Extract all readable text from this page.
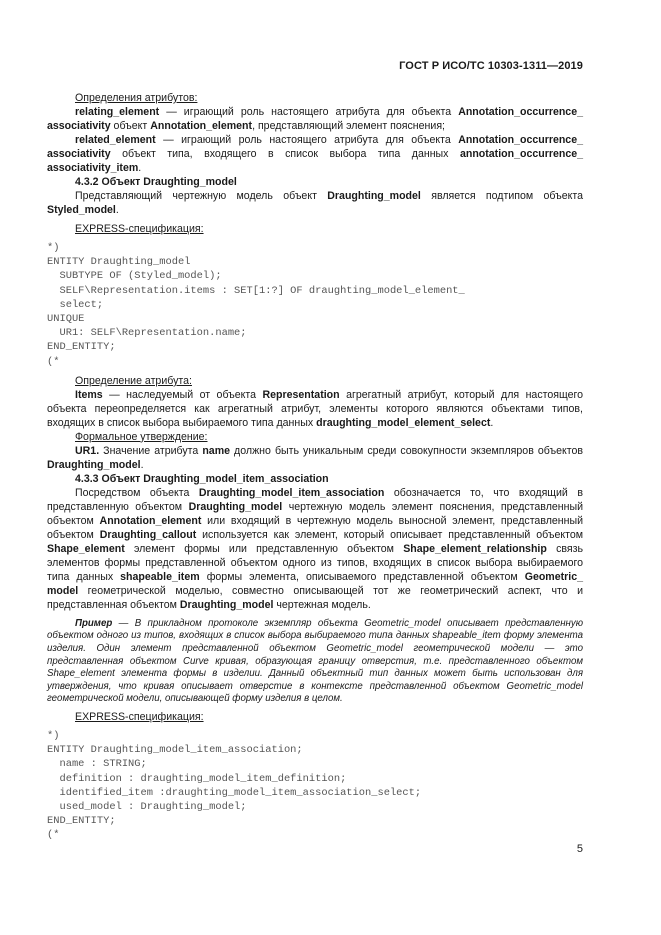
ГОСТ Р ИСО/ТС 10303-1311—2019

Определения атрибутов:

relating_element — играющий роль настоящего атрибута для объекта Annotation_occurrence_ associativity объект Annotation_element, представляющий элемент пояснения;

related_element — играющий роль настоящего атрибута для объекта Annotation_occurrence_ associativity объект типа, входящего в список выбора типа данных annotation_occurrence_ associativity_item.

4.3.2 Объект Draughting_model

Представляющий чертежную модель объект Draughting_model является подтипом объекта Styled_model.

EXPRESS-спецификация:

*)
ENTITY Draughting_model
SUBTYPE OF (Styled_model);
SELF\Representation.items : SET[1:?] OF draughting_model_element_
select;
UNIQUE
UR1: SELF\Representation.name;
END_ENTITY;
(*

Определение атрибута:

Items — наследуемый от объекта Representation агрегатный атрибут, который для настоящего объекта переопределяется как агрегатный атрибут, элементы которого являются объектами типов, входящих в список выбора выбираемого типа данных draughting_model_element_select.

Формальное утверждение:

UR1. Значение атрибута name должно быть уникальным среди совокупности экземпляров объектов Draughting_model.

4.3.3 Объект Draughting_model_item_association

Посредством объекта Draughting_model_item_association обозначается то, что входящий в представленную объектом Draughting_model чертежную модель элемент пояснения, представленный объектом Annotation_element или входящий в чертежную модель выносной элемент, представленный объектом Draughting_callout используется как элемент, который описывает представленный объектом Shape_element элемент формы или представленную объектом Shape_element_relationship связь элементов формы представленной объектом одного из типов, входящих в список выбора выбираемого типа данных shapeable_item формы элемента, описываемого представленной объектом Geometric_ model геометрической моделью, совместно описывающей тот же геометрический аспект, что и представленная объектом Draughting_model чертежная модель.

Пример — В прикладном протоколе экземпляр объекта Geometric_model описывает представленную объектом одного из типов, входящих в список выбора выбираемого типа данных shapeable_item форму элемента изделия. Один элемент представленной объектом Geometric_model геометрической модели — это представленная объектом Curve кривая, образующая границу отверстия, т.е. представленного объектом Shape_element элемента формы в изделии. Данный объектный тип данных может быть использован для утверждения, что кривая описывает отверстие в контексте представленной объектом Geometric_model геометрической модели, описывающей форму изделия в целом.

EXPRESS-спецификация:

*)
ENTITY Draughting_model_item_association;
name : STRING;
definition : draughting_model_item_definition;
identified_item :draughting_model_item_association_select;
used_model : Draughting_model;
END_ENTITY;
(*
5
